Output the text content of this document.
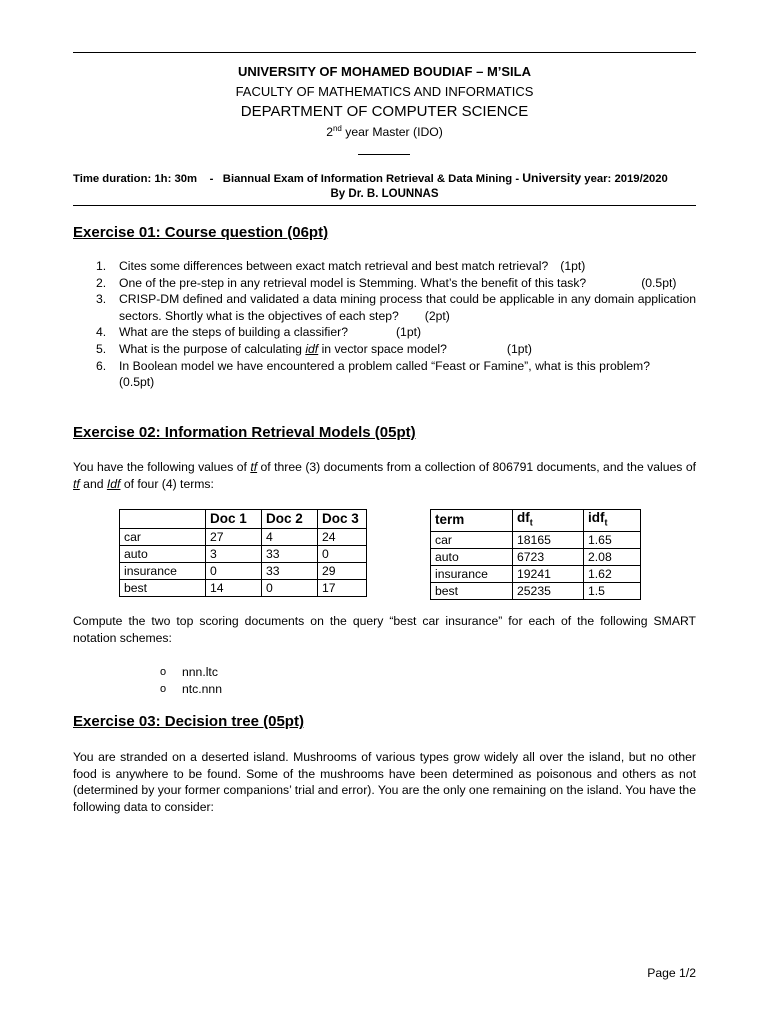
UNIVERSITY OF MOHAMED BOUDIAF – M’SILA
FACULTY OF MATHEMATICS AND INFORMATICS
DEPARTMENT OF COMPUTER SCIENCE
2nd year Master (IDO)
Time duration: 1h: 30m    -   Biannual Exam of Information Retrieval & Data Mining - University year: 2019/2020
By Dr. B. LOUNNAS
Exercise 01: Course question (06pt)
1. Cites some differences between exact match retrieval and best match retrieval? (1pt)
2. One of the pre-step in any retrieval model is Stemming. What’s the benefit of this task?	(0.5pt)
3. CRISP-DM defined and validated a data mining process that could be applicable in any domain application sectors. Shortly what is the objectives of each step? (2pt)
4. What are the steps of building a classifier?	(1pt)
5. What is the purpose of calculating idf in vector space model?	(1pt)
6. In Boolean model we have encountered a problem called “Feast or Famine”, what is this problem?(0.5pt)
Exercise 02: Information Retrieval Models (05pt)
You have the following values of tf of three (3) documents from a collection of 806791 documents, and the values of tf and Idf of four (4) terms:
	Doc 1	Doc 2	Doc 3
car	27	4	24
auto	3	33	0
insurance	0	33	29
best	14	0	17
term	$df_t$	idf$_t$
car	18165	1.65
auto	6723	2.08
insurance	19241	1.62
best	25235	1.5
Compute the two top scoring documents on the query “best car insurance” for each of the following SMART notation schemes:
o nnn.ltc
o ntc.nnn
Exercise 03: Decision tree (05pt)
You are stranded on a deserted island. Mushrooms of various types grow widely all over the island, but no other food is anywhere to be found. Some of the mushrooms have been determined as poisonous and others as not (determined by your former companions’ trial and error). You are the only one remaining on the island. You have the following data to consider:
Page 1/2
